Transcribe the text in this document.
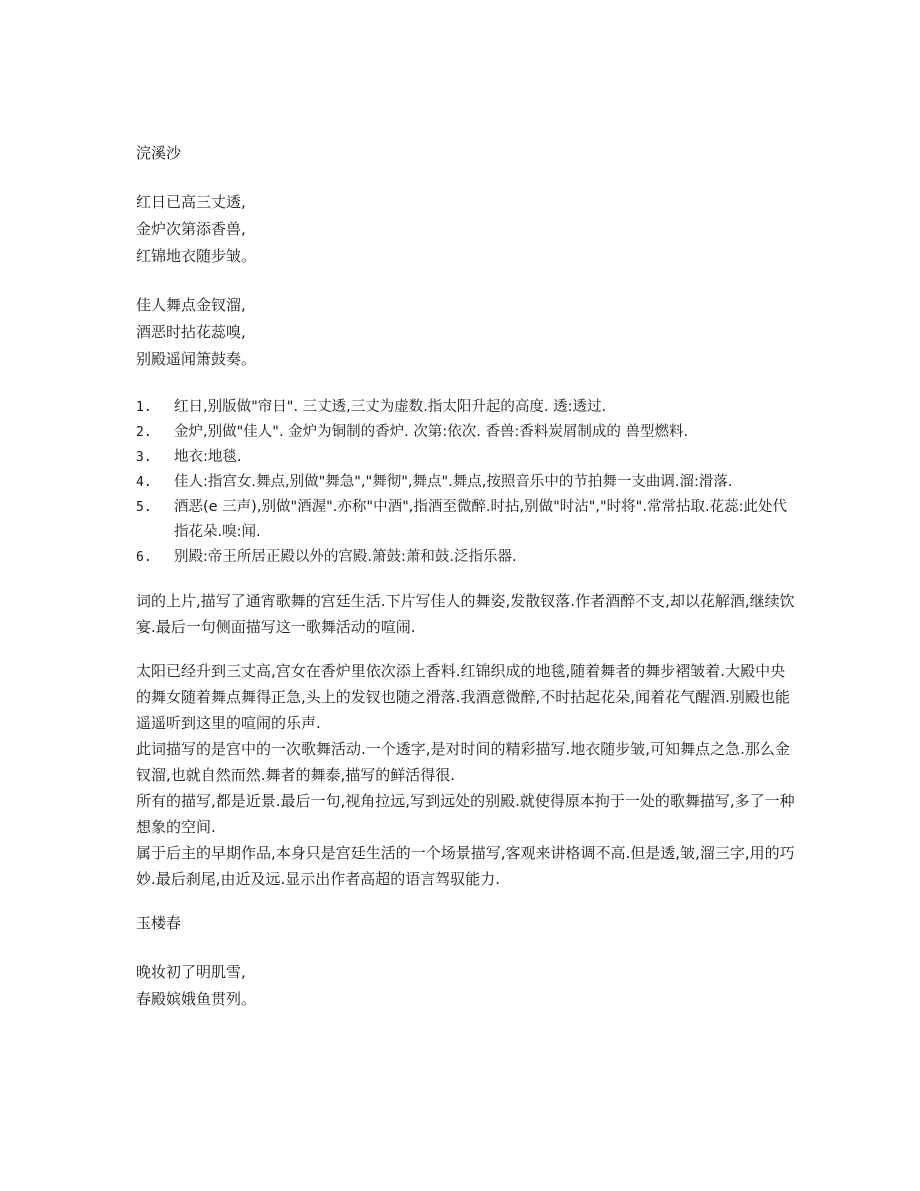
浣溪沙
红日已高三丈透,
金炉次第添香兽,
红锦地衣随步皱。
佳人舞点金钗溜,
酒恶时拈花蕊嗅,
别殿遥闻箫鼓奏。
1.	红日,别版做"帘日". 三丈透,三丈为虚数.指太阳升起的高度. 透:透过.
2.	金炉,别做"佳人". 金炉为铜制的香炉. 次第:依次. 香兽:香料炭屑制成的 兽型燃料.
3.	地衣:地毯.
4.	佳人:指宫女.舞点,别做"舞急","舞彻",舞点".舞点,按照音乐中的节拍舞一支曲调.溜:滑落.
5.	酒恶(e 三声),别做"酒渥".亦称"中酒",指酒至微醉.时拈,别做"时沾","时将".常常拈取.花蕊:此处代指花朵.嗅:闻.
6.	别殿:帝王所居正殿以外的宫殿.箫鼓:萧和鼓.泛指乐器.

词的上片,描写了通宵歌舞的宫廷生活.下片写佳人的舞姿,发散钗落.作者酒醉不支,却以花解酒,继续饮宴.最后一句侧面描写这一歌舞活动的喧闹.

太阳已经升到三丈高,宫女在香炉里依次添上香料.红锦织成的地毯,随着舞者的舞步褶皱着.大殿中央的舞女随着舞点舞得正急,头上的发钗也随之滑落.我酒意微醉,不时拈起花朵,闻着花气醒酒.别殿也能遥遥听到这里的喧闹的乐声.

此词描写的是宫中的一次歌舞活动.一个透字,是对时间的精彩描写.地衣随步皱,可知舞点之急.那么金钗溜,也就自然而然.舞者的舞泰,描写的鲜活得很.

所有的描写,都是近景.最后一句,视角拉远,写到远处的别殿.就使得原本拘于一处的歌舞描写,多了一种想象的空间.

属于后主的早期作品,本身只是宫廷生活的一个场景描写,客观来讲格调不高.但是透,皱,溜三字,用的巧妙.最后刹尾,由近及远.显示出作者高超的语言驾驭能力.

玉楼春
晚妆初了明肌雪,
春殿嫔娥鱼贯列。
